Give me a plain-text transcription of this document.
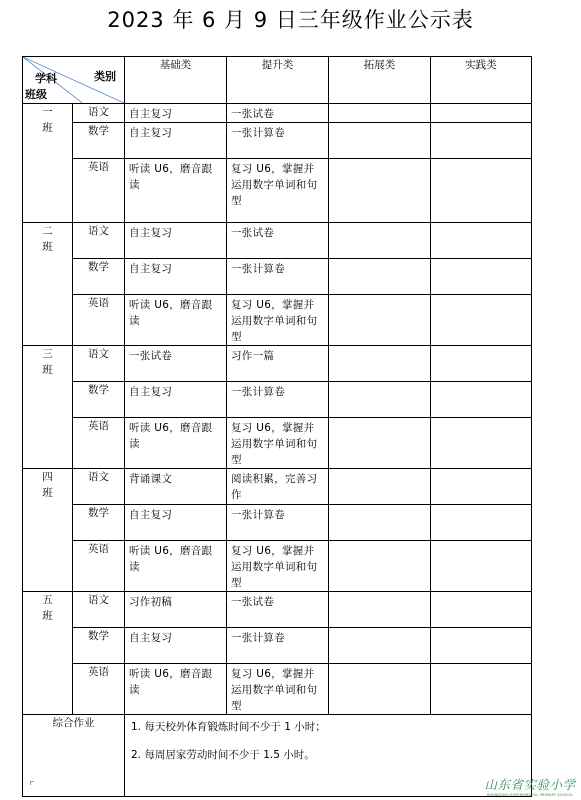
2023 年 6 月 9 日三年级作业公示表
学科 类别
班级		基础类	提升类	拓展类	实践类
一班	语文	自主复习	一张试卷		
	数学	自主复习	一张计算卷		
	英语	听读 U6，磨音跟读	复习 U6，掌握并运用数字单词和句型		
二班	语文	自主复习	一张试卷		
	数学	自主复习	一张计算卷		
	英语	听读 U6，磨音跟读	复习 U6，掌握并运用数字单词和句型		
三班	语文	一张试卷	习作一篇		
	数学	自主复习	一张计算卷		
	英语	听读 U6，磨音跟读	复习 U6，掌握并运用数字单词和句型		
四班	语文	背诵课文	阅读积累，完善习作		
	数学	自主复习	一张计算卷		
	英语	听读 U6，磨音跟读	复习 U6，掌握并运用数字单词和句型		
五班	语文	习作初稿	一张试卷		
	数学	自主复习	一张计算卷		
	英语	听读 U6，磨音跟读	复习 U6，掌握并运用数字单词和句型		
综合作业		1. 每天校外体育锻炼时间不少于 1 小时；

2. 每周居家劳动时间不少于 1.5 小时。			

山东省实验小学
SHANDONG EXPERIMENTAL PRIMARY SCHOOL
